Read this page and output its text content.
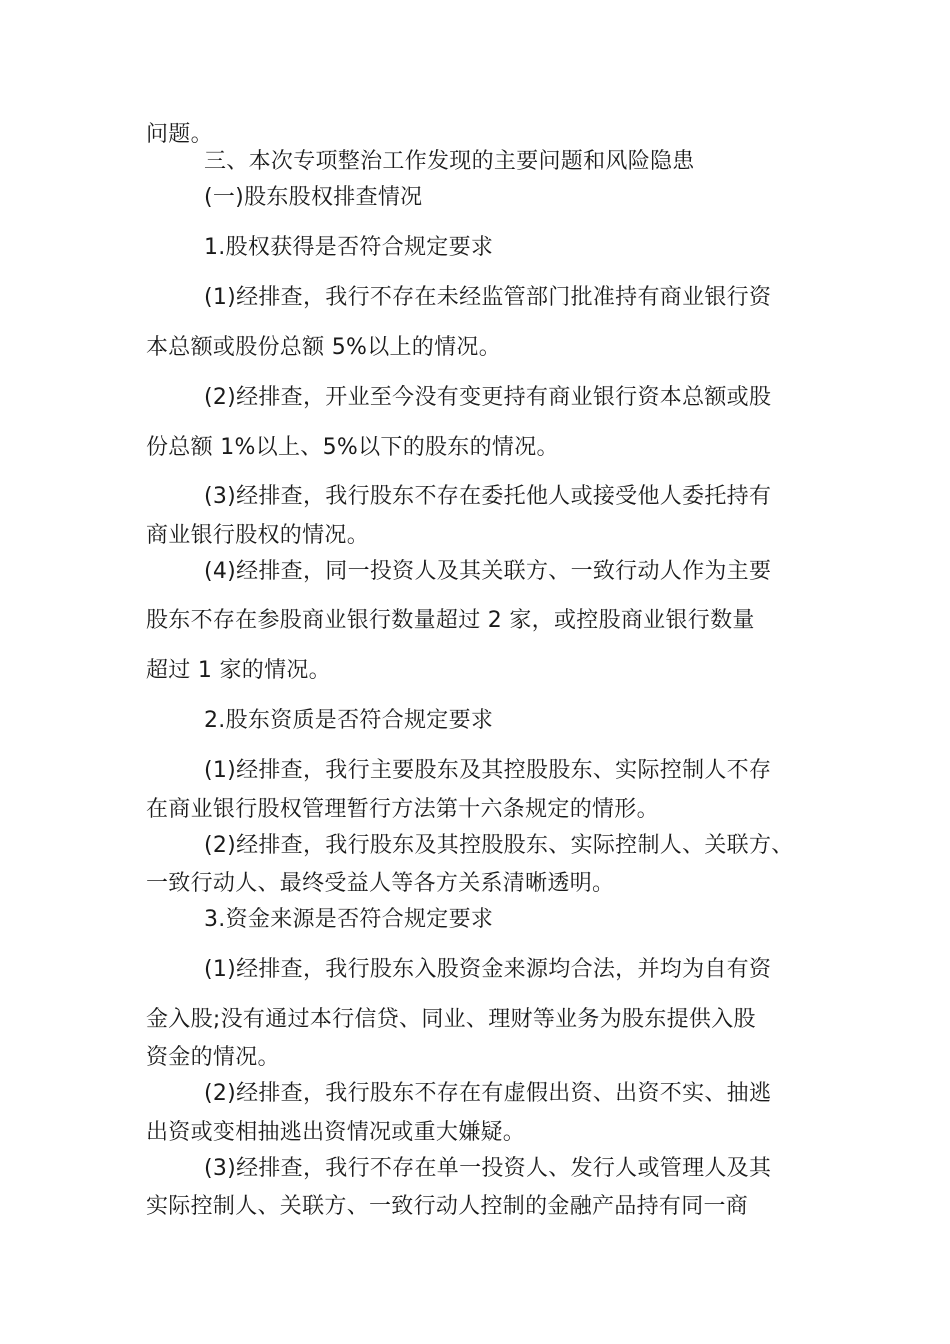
问题。
三、本次专项整治工作发现的主要问题和风险隐患
(一)股东股权排查情况
1.股权获得是否符合规定要求
(1)经排查，我行不存在未经监管部门批准持有商业银行资
本总额或股份总额 5%以上的情况。
(2)经排查，开业至今没有变更持有商业银行资本总额或股
份总额 1%以上、5%以下的股东的情况。
(3)经排查，我行股东不存在委托他人或接受他人委托持有
商业银行股权的情况。
(4)经排查，同一投资人及其关联方、一致行动人作为主要
股东不存在参股商业银行数量超过 2 家，或控股商业银行数量
超过 1 家的情况。
2.股东资质是否符合规定要求
(1)经排查，我行主要股东及其控股股东、实际控制人不存
在商业银行股权管理暂行方法第十六条规定的情形。
(2)经排查，我行股东及其控股股东、实际控制人、关联方、
一致行动人、最终受益人等各方关系清晰透明。
3.资金来源是否符合规定要求
(1)经排查，我行股东入股资金来源均合法，并均为自有资
金入股;没有通过本行信贷、同业、理财等业务为股东提供入股
资金的情况。
(2)经排查，我行股东不存在有虚假出资、出资不实、抽逃
出资或变相抽逃出资情况或重大嫌疑。
(3)经排查，我行不存在单一投资人、发行人或管理人及其
实际控制人、关联方、一致行动人控制的金融产品持有同一商
